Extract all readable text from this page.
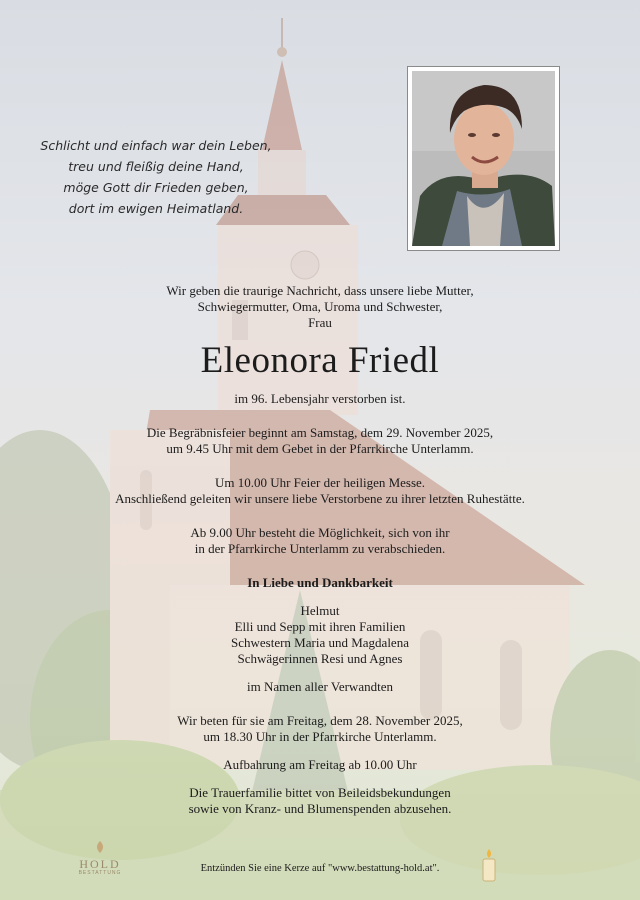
Schlicht und einfach war dein Leben,
treu und fleißig deine Hand,
möge Gott dir Frieden geben,
dort im ewigen Heimatland.
Wir geben die traurige Nachricht, dass unsere liebe Mutter,
Schwiegermutter, Oma, Uroma und Schwester,
Frau
Eleonora Friedl
im 96. Lebensjahr verstorben ist.
Die Begräbnisfeier beginnt am Samstag, dem 29. November 2025,
um 9.45 Uhr mit dem Gebet in der Pfarrkirche Unterlamm.
Um 10.00 Uhr Feier der heiligen Messe.
Anschließend geleiten wir unsere liebe Verstorbene zu ihrer letzten Ruhestätte.
Ab 9.00 Uhr besteht die Möglichkeit, sich von ihr
in der Pfarrkirche Unterlamm zu verabschieden.
In Liebe und Dankbarkeit
Helmut
Elli und Sepp mit ihren Familien
Schwestern Maria und Magdalena
Schwägerinnen Resi und Agnes
im Namen aller Verwandten
Wir beten für sie am Freitag, dem 28. November 2025,
um 18.30 Uhr in der Pfarrkirche Unterlamm.
Aufbahrung am Freitag ab 10.00 Uhr
Die Trauerfamilie bittet von Beileidsbekundungen
sowie von Kranz- und Blumenspenden abzusehen.
HOLD
BESTATTUNG	Entzünden Sie eine Kerze auf "www.bestattung-hold.at".
